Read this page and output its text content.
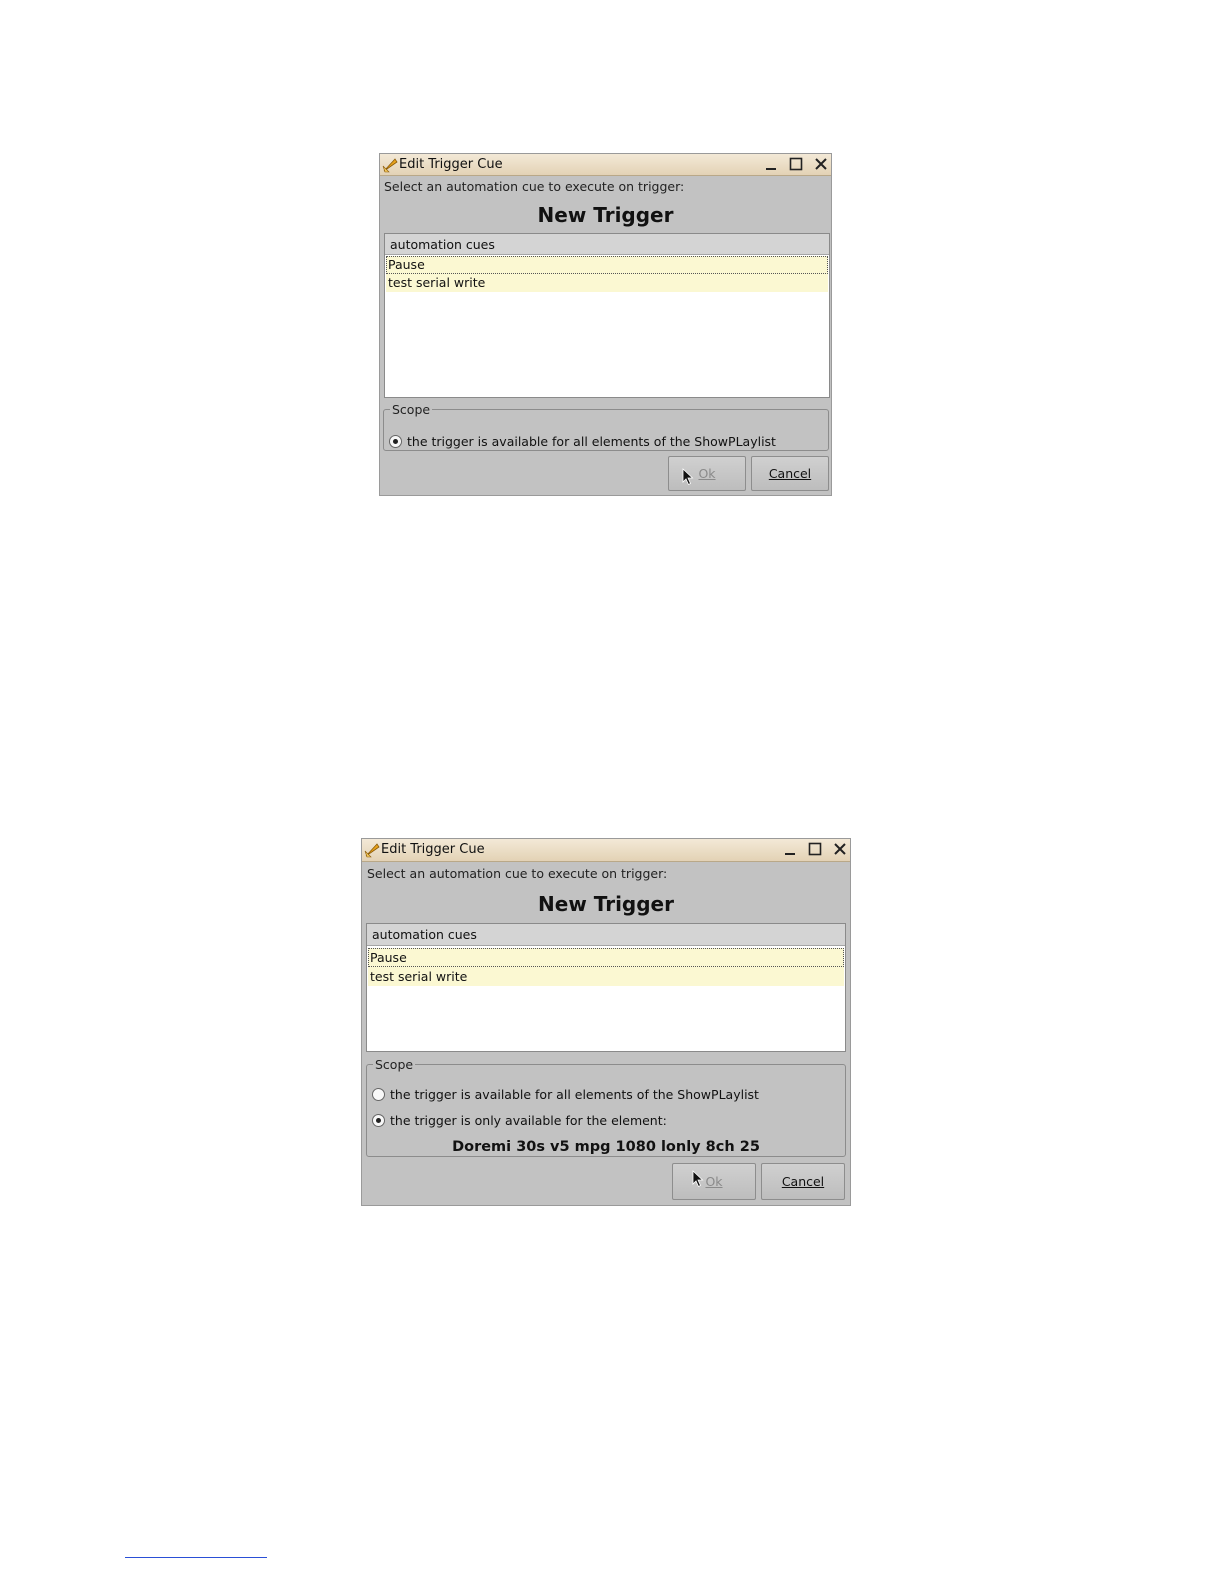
Edit Trigger Cue

Select an automation cue to execute on trigger:
New Trigger
automation cues
Pause
test serial write
Scope
the trigger is available for all elements of the ShowPLaylist
Ok	Cancel
Edit Trigger Cue

Select an automation cue to execute on trigger:
New Trigger
automation cues
Pause
test serial write
Scope
the trigger is available for all elements of the ShowPLaylist
the trigger is only available for the element:
Doremi 30s v5 mpg 1080 lonly 8ch 25
Ok	Cancel
